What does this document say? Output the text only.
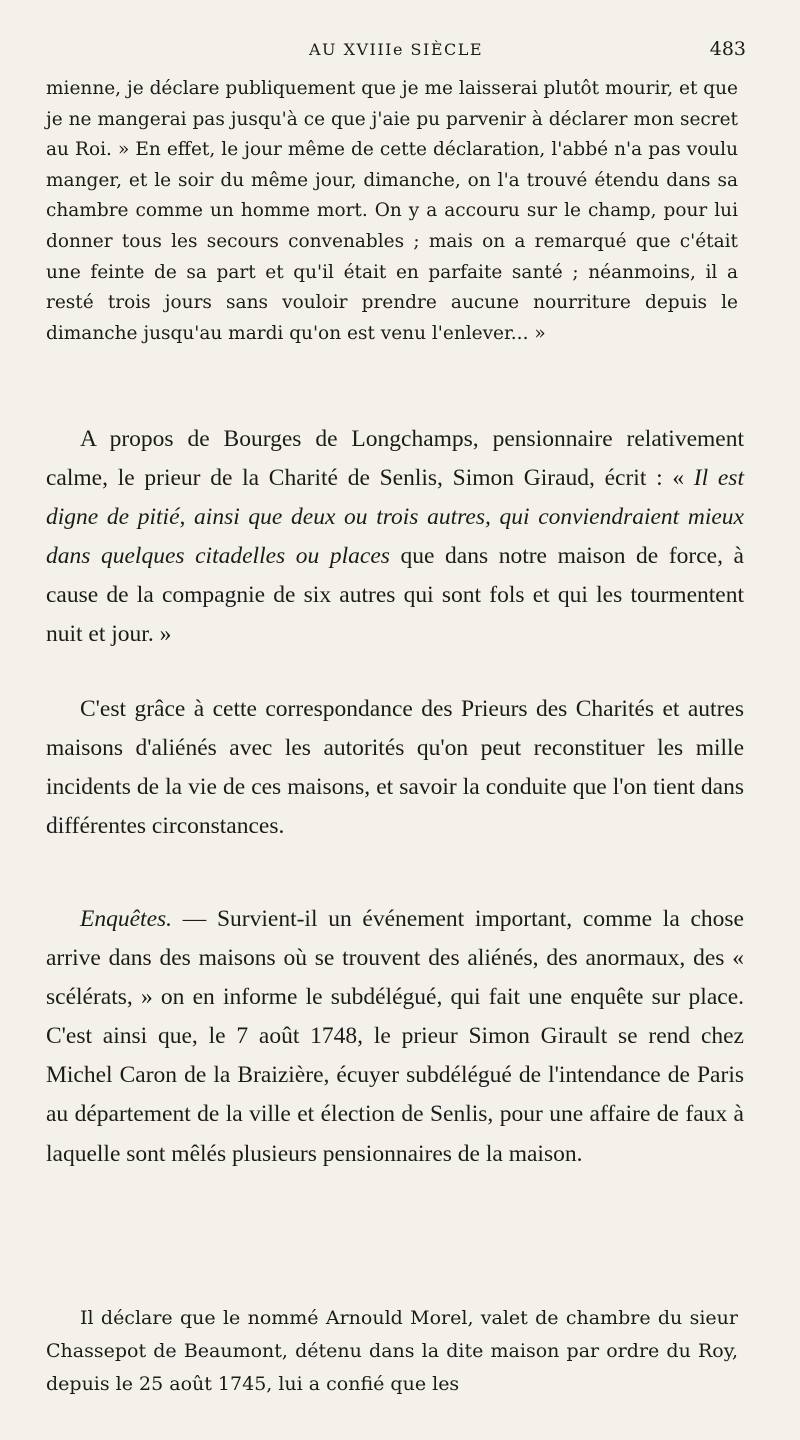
AU XVIIIe SIÈCLE	483

mienne, je déclare publiquement que je me laisserai plutôt mourir, et que je ne mangerai pas jusqu'à ce que j'aie pu parvenir à déclarer mon secret au Roi. » En effet, le jour même de cette déclaration, l'abbé n'a pas voulu manger, et le soir du même jour, dimanche, on l'a trouvé étendu dans sa chambre comme un homme mort. On y a accouru sur le champ, pour lui donner tous les secours convenables ; mais on a remarqué que c'était une feinte de sa part et qu'il était en parfaite santé ; néanmoins, il a resté trois jours sans vouloir prendre aucune nourriture depuis le dimanche jusqu'au mardi qu'on est venu l'enlever... »

A propos de Bourges de Longchamps, pensionnaire relativement calme, le prieur de la Charité de Senlis, Simon Giraud, écrit : « Il est digne de pitié, ainsi que deux ou trois autres, qui conviendraient mieux dans quelques citadelles ou places que dans notre maison de force, à cause de la compagnie de six autres qui sont fols et qui les tourmentent nuit et jour. »

C'est grâce à cette correspondance des Prieurs des Charités et autres maisons d'aliénés avec les autorités qu'on peut reconstituer les mille incidents de la vie de ces maisons, et savoir la conduite que l'on tient dans différentes circonstances.

Enquêtes. — Survient-il un événement important, comme la chose arrive dans des maisons où se trouvent des aliénés, des anormaux, des « scélérats, » on en informe le subdélégué, qui fait une enquête sur place. C'est ainsi que, le 7 août 1748, le prieur Simon Girault se rend chez Michel Caron de la Braizière, écuyer subdélégué de l'intendance de Paris au département de la ville et élection de Senlis, pour une affaire de faux à laquelle sont mêlés plusieurs pensionnaires de la maison.

Il déclare que le nommé Arnould Morel, valet de chambre du sieur Chassepot de Beaumont, détenu dans la dite maison par ordre du Roy, depuis le 25 août 1745, lui a confié que les
